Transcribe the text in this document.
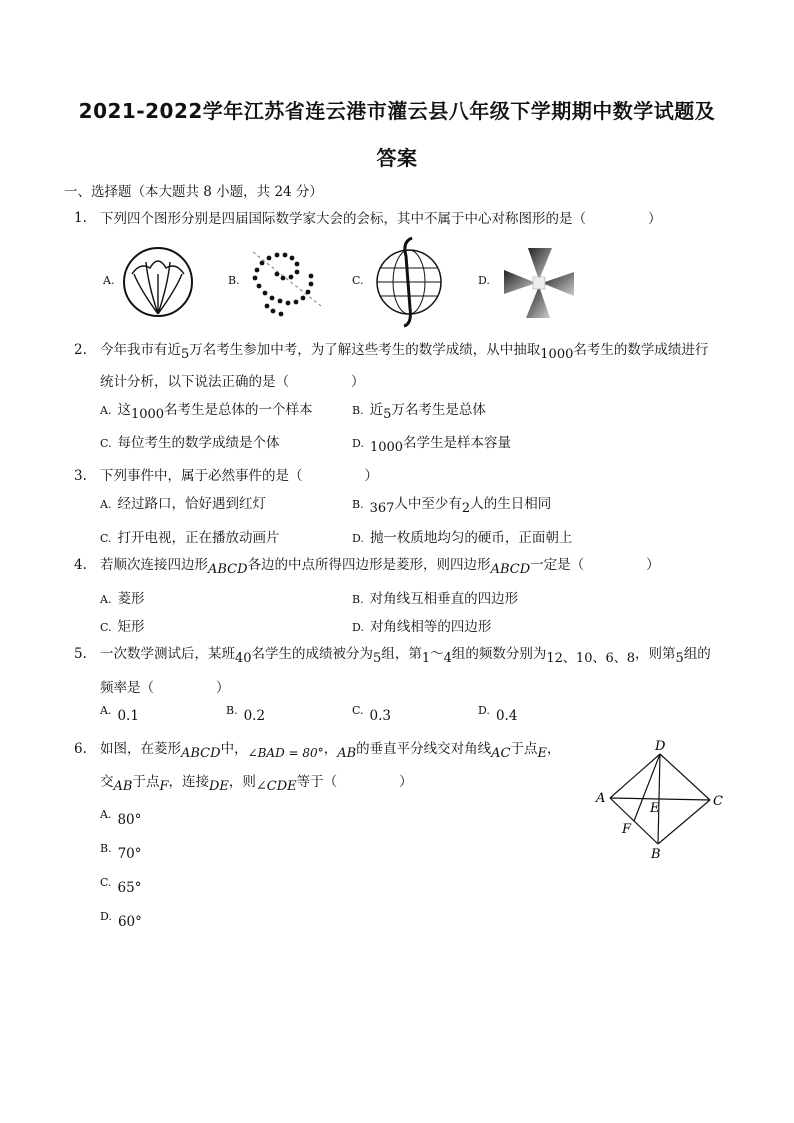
2021-2022学年江苏省连云港市灌云县八年级下学期期中数学试题及
答案
一、选择题（本大题共 8 小题，共 24 分）
1. 下列四个图形分别是四届国际数学家大会的会标，其中不属于中心对称图形的是（	）
A.	B.	C.	D.
2. 今年我市有近5万名考生参加中考，为了解这些考生的数学成绩，从中抽取1000名考生的数学成绩进行
统计分析，以下说法正确的是（	）
A. 这1000名考生是总体的一个样本	B. 近5万名考生是总体
C. 每位考生的数学成绩是个体	D. 1000名学生是样本容量
3. 下列事件中，属于必然事件的是（	）
A. 经过路口，恰好遇到红灯	B. 367人中至少有2人的生日相同
C. 打开电视，正在播放动画片	D. 抛一枚质地均匀的硬币，正面朝上
4. 若顺次连接四边形ABCD各边的中点所得四边形是菱形，则四边形ABCD一定是（	）
A. 菱形	B. 对角线互相垂直的四边形
C. 矩形	D. 对角线相等的四边形
5. 一次数学测试后，某班40名学生的成绩被分为5组，第1～4组的频数分别为12、10、6、8，则第5组的
频率是（	）
A. 0.1	B. 0.2	C. 0.3	D. 0.4
6. 如图，在菱形ABCD中，∠BAD = 80°，AB的垂直平分线交对角线AC于点E，
交AB于点F，连接DE，则∠CDE等于（	）
A. 80°
B. 70°
C. 65°
D. 60°
D
A	C
B
E
F
